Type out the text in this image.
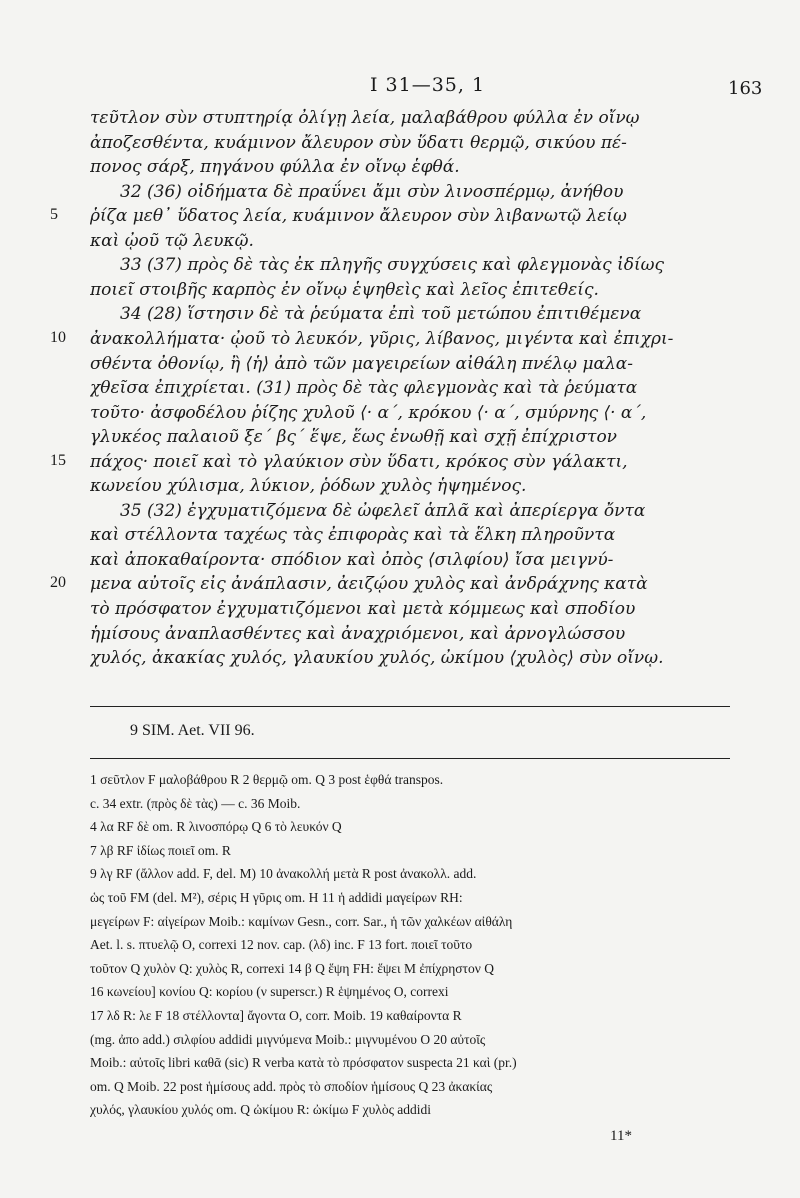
I 31—35, 1	163
τεῦτλον σὺν στυπτηρίᾳ ὀλίγῃ λεία, μαλαβάθρου φύλλα ἐν οἴνῳ
ἀποζεσθέντα, κυάμινον ἄλευρον σὺν ὕδατι θερμῷ, σικύου πέ-
πονος σάρξ, πηγάνου φύλλα ἐν οἴνῳ ἑφθά.
32 (36) οἰδήματα δὲ πραΰνει ἄμι σὺν λινοσπέρμῳ, ἀνήθου
ῥίζα μεθ᾽ ὕδατος λεία, κυάμινον ἄλευρον σὺν λιβανωτῷ λείῳ
5
καὶ ᾠοῦ τῷ λευκῷ.
33 (37) πρὸς δὲ τὰς ἐκ πληγῆς συγχύσεις καὶ φλεγμονὰς ἰδίως
ποιεῖ στοιβῆς καρπὸς ἐν οἴνῳ ἑψηθεὶς καὶ λεῖος ἐπιτεθείς.
34 (28) ἵστησιν δὲ τὰ ῥεύματα ἐπὶ τοῦ μετώπου ἐπιτιθέμενα
ἀνακολλήματα· ᾠοῦ τὸ λευκόν, γῦρις, λίβανος, μιγέντα καὶ ἐπιχρι-
10
σθέντα ὀθονίῳ, ἢ ⟨ἡ⟩ ἀπὸ τῶν μαγειρείων αἰθάλη πνέλῳ μαλα-
χθεῖσα ἐπιχρίεται. (31) πρὸς δὲ τὰς φλεγμονὰς καὶ τὰ ῥεύματα
τοῦτο· ἀσφοδέλου ῥίζης χυλοῦ ⟨· α΄, κρόκου ⟨· α΄, σμύρνης ⟨· α΄,
γλυκέος παλαιοῦ ξε΄ βς΄ ἕψε, ἕως ἑνωθῇ καὶ σχῇ ἐπίχριστον
πάχος· ποιεῖ καὶ τὸ γλαύκιον σὺν ὕδατι, κρόκος σὺν γάλακτι,
15
κωνείου χύλισμα, λύκιον, ῥόδων χυλὸς ἡψημένος.
35 (32) ἐγχυματιζόμενα δὲ ὠφελεῖ ἁπλᾶ καὶ ἀπερίεργα ὄντα
καὶ στέλλοντα ταχέως τὰς ἐπιφορὰς καὶ τὰ ἕλκη πληροῦντα
καὶ ἀποκαθαίροντα· σπόδιον καὶ ὀπὸς ⟨σιλφίου⟩ ἴσα μειγνύ-
μενα αὐτοῖς εἰς ἀνάπλασιν, ἀειζῴου χυλὸς καὶ ἀνδράχνης κατὰ
20
τὸ πρόσφατον ἐγχυματιζόμενοι καὶ μετὰ κόμμεως καὶ σποδίου
ἡμίσους ἀναπλασθέντες καὶ ἀναχριόμενοι, καὶ ἀρνογλώσσου
χυλός, ἀκακίας χυλός, γλαυκίου χυλός, ὠκίμου ⟨χυλὸς⟩ σὺν οἴνῳ.
9 SIM. Aet. VII 96.
1 σεῦτλον F μαλοβάθρου R 2 θερμῷ om. Q 3 post ἑφθά transpos.
c. 34 extr. (πρὸς δὲ τὰς) — c. 36 Moib.
4 λα RF δὲ om. R λινοσπόρῳ Q 6 τὸ λευκόν Q
7 λβ RF ἰδίως ποιεῖ om. R
9 λγ RF (ἄλλον add. F, del. M) 10 ἀνακολλή μετὰ R post ἀνακολλ. add.
ὡς τοῦ FM (del. M²), σέρις H γῦρις om. H 11 ἡ addidi μαγείρων RH:
μεγείρων F: αἰγείρων Moib.: καμίνων Gesn., corr. Sar., ἡ τῶν χαλκέων αἰθάλη
Aet. l. s. πτυελῷ O, correxi 12 nov. cap. (λδ) inc. F 13 fort. ποιεῖ τοῦτο
τοῦτον Q χυλὸν Q: χυλὸς R, correxi 14 β Q ἕψη FH: ἕψει M ἐπίχρηστον Q
16 κωνείου] κονίου Q: κορίου (ν superscr.) R ἑψημένος O, correxi
17 λδ R: λε F 18 στέλλοντα] ἄγοντα O, corr. Moib. 19 καθαίροντα R
(mg. ἀπο add.) σιλφίου addidi μιγνύμενα Moib.: μιγνυμένου O 20 αὐτοῖς
Moib.: αὐτοῖς libri καθᾶ (sic) R verba κατὰ τὸ πρόσφατον suspecta 21 καὶ (pr.)
om. Q Moib. 22 post ἡμίσους add. πρὸς τὸ σποδίον ἡμίσους Q 23 ἀκακίας
χυλός, γλαυκίου χυλός om. Q ὠκίμου R: ὠκίμω F χυλὸς addidi
11*
